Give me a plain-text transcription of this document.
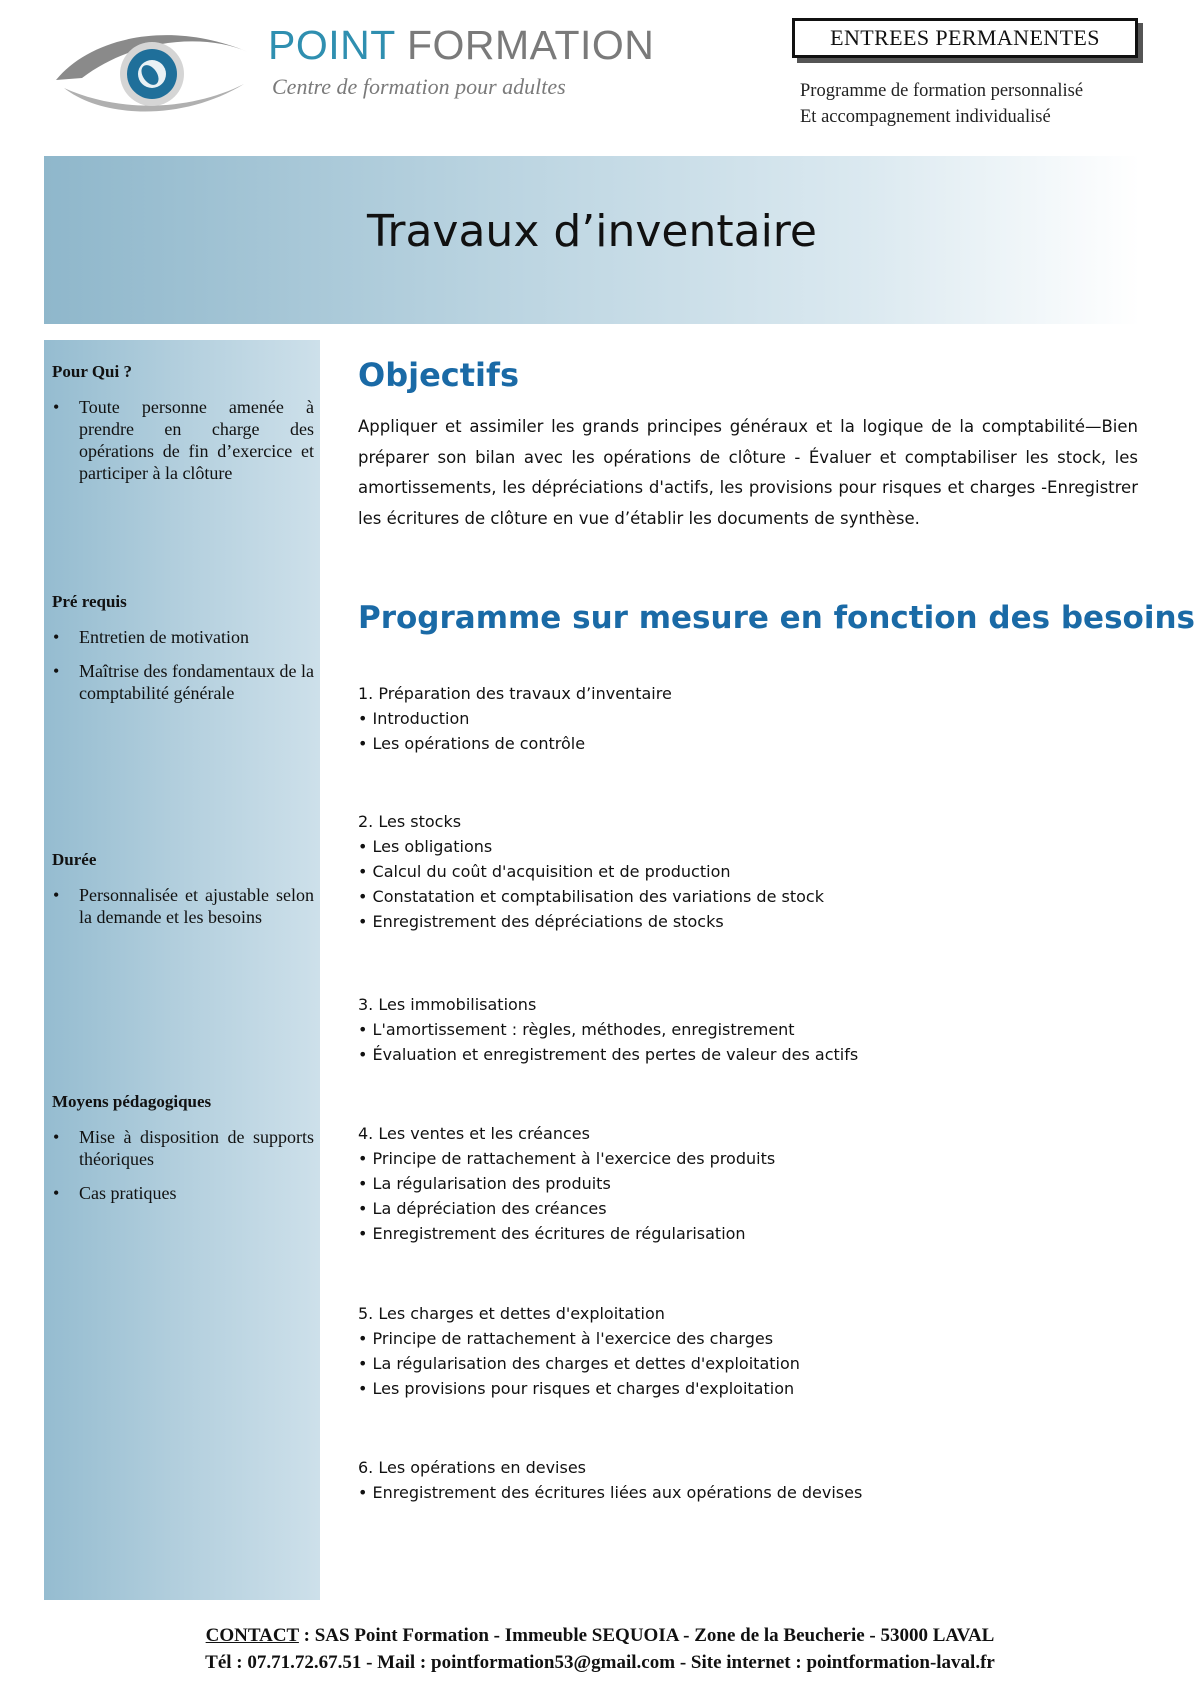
POINT FORMATION
Centre de formation pour adultes
ENTREES PERMANENTES
Programme de formation personnalisé
Et accompagnement individualisé
Travaux d’inventaire
Pour Qui ?
• Toute personne amenée à prendre en charge des opérations de fin d’exercice et participer à la clôture
Pré requis
• Entretien de motivation
• Maîtrise des fondamentaux de la comptabilité générale
Durée
• Personnalisée et ajustable selon la demande et les besoins
Moyens pédagogiques
• Mise à disposition de supports théoriques
• Cas pratiques
Objectifs
Appliquer et assimiler les grands principes généraux et la logique de la comptabilité—Bien préparer son bilan avec les opérations de clôture - Évaluer et comptabiliser les stock, les amortissements, les dépréciations d'actifs, les provisions pour risques et charges -Enregistrer les écritures de clôture en vue d’établir les documents de synthèse.
Programme sur mesure en fonction des besoins
1. Préparation des travaux d’inventaire
• Introduction
• Les opérations de contrôle
2. Les stocks
• Les obligations
• Calcul du coût d'acquisition et de production
• Constatation et comptabilisation des variations de stock
• Enregistrement des dépréciations de stocks
3. Les immobilisations
• L'amortissement : règles, méthodes, enregistrement
• Évaluation et enregistrement des pertes de valeur des actifs
4. Les ventes et les créances
• Principe de rattachement à l'exercice des produits
• La régularisation des produits
• La dépréciation des créances
• Enregistrement des écritures de régularisation
5. Les charges et dettes d'exploitation
• Principe de rattachement à l'exercice des charges
• La régularisation des charges et dettes d'exploitation
• Les provisions pour risques et charges d'exploitation
6. Les opérations en devises
• Enregistrement des écritures liées aux opérations de devises
CONTACT : SAS Point Formation - Immeuble SEQUOIA - Zone de la Beucherie - 53000 LAVAL
Tél : 07.71.72.67.51 - Mail : pointformation53@gmail.com - Site internet : pointformation-laval.fr
